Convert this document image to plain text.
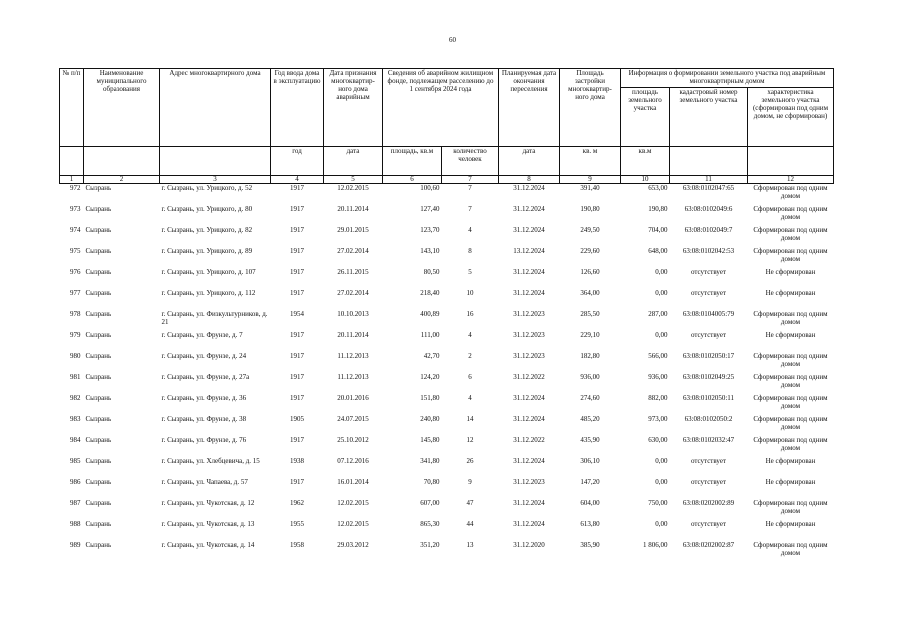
60
№ п/п	Наименование муниципального образования	Адрес многоквартирного дома	Год ввода дома в эксплуатацию	Дата признания многоквартир-ного дома аварийным	Сведения об аварийном жилищном фонде, подлежащем расселению до 1 сентября 2024 года		Планируемая дата окончания переселения	Площадь застройки многоквартир-ного дома	Информация о формировании земельного участка под аварийным многоквартирным домом		
									площадь земельного участка	кадастровый номер земельного участка	характеристика земельного участка (сформирован под одним домом, не сформирован)
			год	дата	площадь, кв.м	количество человек	дата	кв. м	кв.м		
1	2	3	4	5	6	7	8	9	10	11	12
972	Сызрань	г. Сызрань, ул. Урицкого, д. 52	1917	12.02.2015	100,60	7	31.12.2024	391,40	653,00	63:08:0102047:65	Сформирован под одним домом
973	Сызрань	г. Сызрань, ул. Урицкого, д. 80	1917	20.11.2014	127,40	7	31.12.2024	190,80	190,80	63:08:0102049:6	Сформирован под одним домом
974	Сызрань	г. Сызрань, ул. Урицкого, д. 82	1917	29.01.2015	123,70	4	31.12.2024	249,50	704,00	63:08:0102049:7	Сформирован под одним домом
975	Сызрань	г. Сызрань, ул. Урицкого, д. 89	1917	27.02.2014	143,10	8	13.12.2024	229,60	648,00	63:08:0102042:53	Сформирован под одним домом
976	Сызрань	г. Сызрань, ул. Урицкого, д. 107	1917	26.11.2015	80,50	5	31.12.2024	126,60	0,00	отсутствует	Не сформирован
977	Сызрань	г. Сызрань, ул. Урицкого, д. 112	1917	27.02.2014	218,40	10	31.12.2024	364,00	0,00	отсутствует	Не сформирован
978	Сызрань	г. Сызрань, ул. Физкультурников, д. 21	1954	10.10.2013	400,89	16	31.12.2023	285,50	287,00	63:08:0104005:79	Сформирован под одним домом
979	Сызрань	г. Сызрань, ул. Фрунзе, д. 7	1917	20.11.2014	111,00	4	31.12.2023	229,10	0,00	отсутствует	Не сформирован
980	Сызрань	г. Сызрань, ул. Фрунзе, д. 24	1917	11.12.2013	42,70	2	31.12.2023	182,80	566,00	63:08:0102050:17	Сформирован под одним домом
981	Сызрань	г. Сызрань, ул. Фрунзе, д. 27а	1917	11.12.2013	124,20	6	31.12.2022	936,00	936,00	63:08:0102049:25	Сформирован под одним домом
982	Сызрань	г. Сызрань, ул. Фрунзе, д. 36	1917	20.01.2016	151,80	4	31.12.2024	274,60	882,00	63:08:0102050:11	Сформирован под одним домом
983	Сызрань	г. Сызрань, ул. Фрунзе, д. 38	1905	24.07.2015	240,80	14	31.12.2024	485,20	973,00	63:08:0102050:2	Сформирован под одним домом
984	Сызрань	г. Сызрань, ул. Фрунзе, д. 76	1917	25.10.2012	145,80	12	31.12.2022	435,90	630,00	63:08:0102032:47	Сформирован под одним домом
985	Сызрань	г. Сызрань, ул. Хлебцевича, д. 15	1938	07.12.2016	341,80	26	31.12.2024	306,10	0,00	отсутствует	Не сформирован
986	Сызрань	г. Сызрань, ул. Чапаева, д. 57	1917	16.01.2014	70,80	9	31.12.2023	147,20	0,00	отсутствует	Не сформирован
987	Сызрань	г. Сызрань, ул. Чукотская, д. 12	1962	12.02.2015	607,00	47	31.12.2024	604,00	750,00	63:08:0202002:89	Сформирован под одним домом
988	Сызрань	г. Сызрань, ул. Чукотская, д. 13	1955	12.02.2015	865,30	44	31.12.2024	613,80	0,00	отсутствует	Не сформирован
989	Сызрань	г. Сызрань, ул. Чукотская, д. 14	1958	29.03.2012	351,20	13	31.12.2020	385,90	1 806,00	63:08:0202002:87	Сформирован под одним домом
